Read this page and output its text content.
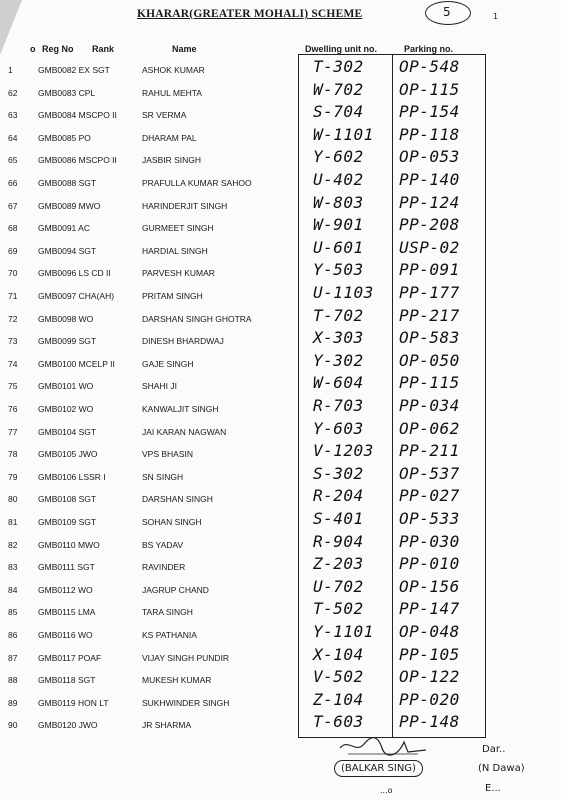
KHARAR(GREATER MOHALI) SCHEME	5	1
o Reg No Rank	Name	Dwelling unit no.	Parking no.
1	GMB0082 EX SGT	ASHOK KUMAR	T-302 OP-548
62 GMB0083 CPL	RAHUL MEHTA	W-702 OP-115
63 GMB0084 MSCPO II	SR VERMA	S-704 PP-154
64 GMB0085 PO	DHARAM PAL	W-1101 PP-118
65 GMB0086 MSCPO II	JASBIR SINGH	Y-602 OP-053
66 GMB0088 SGT	PRAFULLA KUMAR SAHOO	U-402 PP-140
67 GMB0089 MWO	HARINDERJIT SINGH	W-803 PP-124
68 GMB0091 AC	GURMEET SINGH	W-901 PP-208
69 GMB0094 SGT	HARDIAL SINGH	U-601 USP-02
70 GMB0096 LS CD II	PARVESH KUMAR	Y-503 PP-091
71 GMB0097 CHA(AH)	PRITAM SINGH	U-1103 PP-177
72 GMB0098 WO	DARSHAN SINGH GHOTRA	T-702 PP-217
73 GMB0099 SGT	DINESH BHARDWAJ	X-303 OP-583
74 GMB0100 MCELP II	GAJE SINGH	Y-302 OP-050
75 GMB0101 WO	SHAHI JI	W-604 PP-115
76 GMB0102 WO	KANWALJIT SINGH	R-703 PP-034
77 GMB0104 SGT	JAI KARAN NAGWAN	Y-603 OP-062
78 GMB0105 JWO	VPS BHASIN	V-1203 PP-211
79 GMB0106 LSSR I	SN SINGH	S-302 OP-537
80 GMB0108 SGT	DARSHAN SINGH	R-204 PP-027
81 GMB0109 SGT	SOHAN SINGH	S-401 OP-533
82 GMB0110 MWO	BS YADAV	R-904 PP-030
83 GMB0111 SGT	RAVINDER	Z-203 PP-010
84 GMB0112 WO	JAGRUP CHAND	U-702 OP-156
85 GMB0115 LMA	TARA SINGH	T-502 PP-147
86 GMB0116 WO	KS PATHANIA	Y-1101 OP-048
87 GMB0117 POAF	VIJAY SINGH PUNDIR	X-104 PP-105
88 GMB0118 SGT	MUKESH KUMAR	V-502 OP-122
89 GMB0119 HON LT	SUKHWINDER SINGH	Z-104 PP-020
90 GMB0120 JWO	JR SHARMA	T-603 PP-148
(BALKAR SING)
Dar..
(N Dawa)
E...
...o
